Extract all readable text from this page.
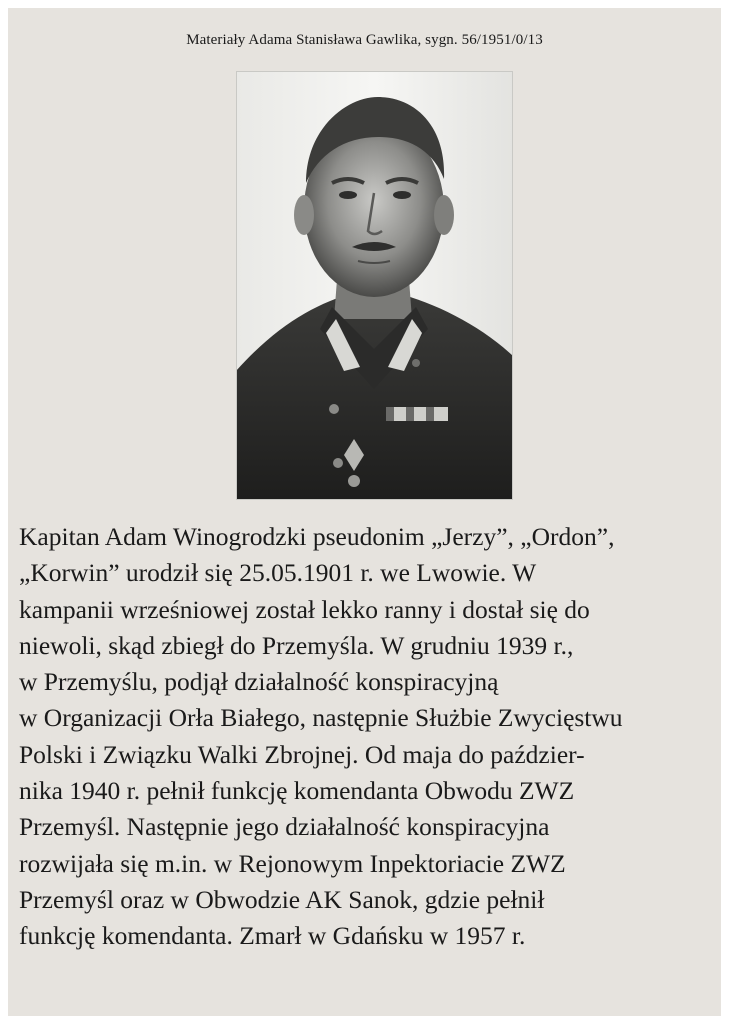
Materiały Adama Stanisława Gawlika, sygn. 56/1951/0/13
Kapitan Adam Winogrodzki pseudonim „Jerzy”, „Ordon”,
„Korwin” urodził się 25.05.1901 r. we Lwowie. W
kampanii wrześniowej został lekko ranny i dostał się do
niewoli, skąd zbiegł do Przemyśla. W grudniu 1939 r.,
w Przemyślu, podjął działalność konspiracyjną
w Organizacji Orła Białego, następnie Służbie Zwycięstwu
Polski i Związku Walki Zbrojnej. Od maja do paździer-
nika 1940 r. pełnił funkcję komendanta Obwodu ZWZ
Przemyśl. Następnie jego działalność konspiracyjna
rozwijała się m.in. w Rejonowym Inpektoriacie ZWZ
Przemyśl oraz w Obwodzie AK Sanok, gdzie pełnił
funkcję komendanta. Zmarł w Gdańsku w 1957 r.
